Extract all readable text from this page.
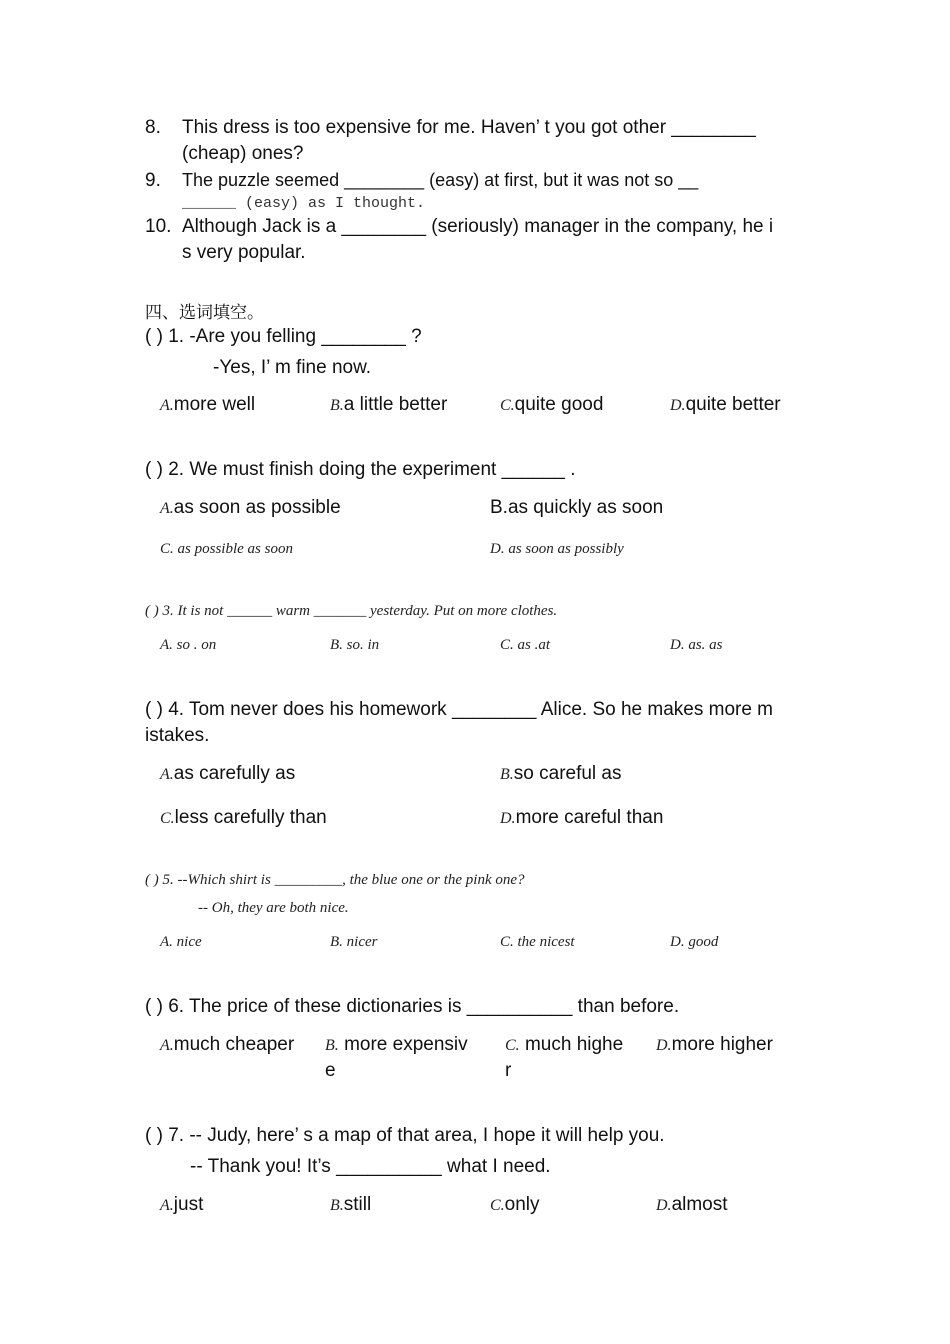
8. This dress is too expensive for me. Haven’ t you got other ________
(cheap) ones?
9. The puzzle seemed ________ (easy) at first, but it was not so __
______ (easy) as I thought.
10. Although Jack is a ________ (seriously) manager in the company, he i
s very popular.
四、选词填空。
( ) 1. -Are you felling ________ ?
-Yes, I’ m fine now.
A.more well	B.a little better	C.quite good	D.quite better
( ) 2. We must finish doing the experiment ______ .
A.as soon as possible	B.as quickly as soon
C. as possible as soon	D. as soon as possibly
( ) 3. It is not ______ warm _______ yesterday. Put on more clothes.
A. so . on	B. so. in	C. as .at	D. as. as
( ) 4. Tom never does his homework ________ Alice. So he makes more m
istakes.
A.as carefully as	B.so careful as
C.less carefully than	D.more careful than
( ) 5. --Which shirt is _________, the blue one or the pink one?
-- Oh, they are both nice.
A. nice	B. nicer	C. the nicest	D. good
( ) 6. The price of these dictionaries is __________ than before.
A.much cheaper B. more expensiv
e
C. much highe
r
D.more higher
( ) 7. -- Judy, here’ s a map of that area, I hope it will help you.
-- Thank you! It’s __________ what I need.
A.just	B.still	C.only	D.almost
